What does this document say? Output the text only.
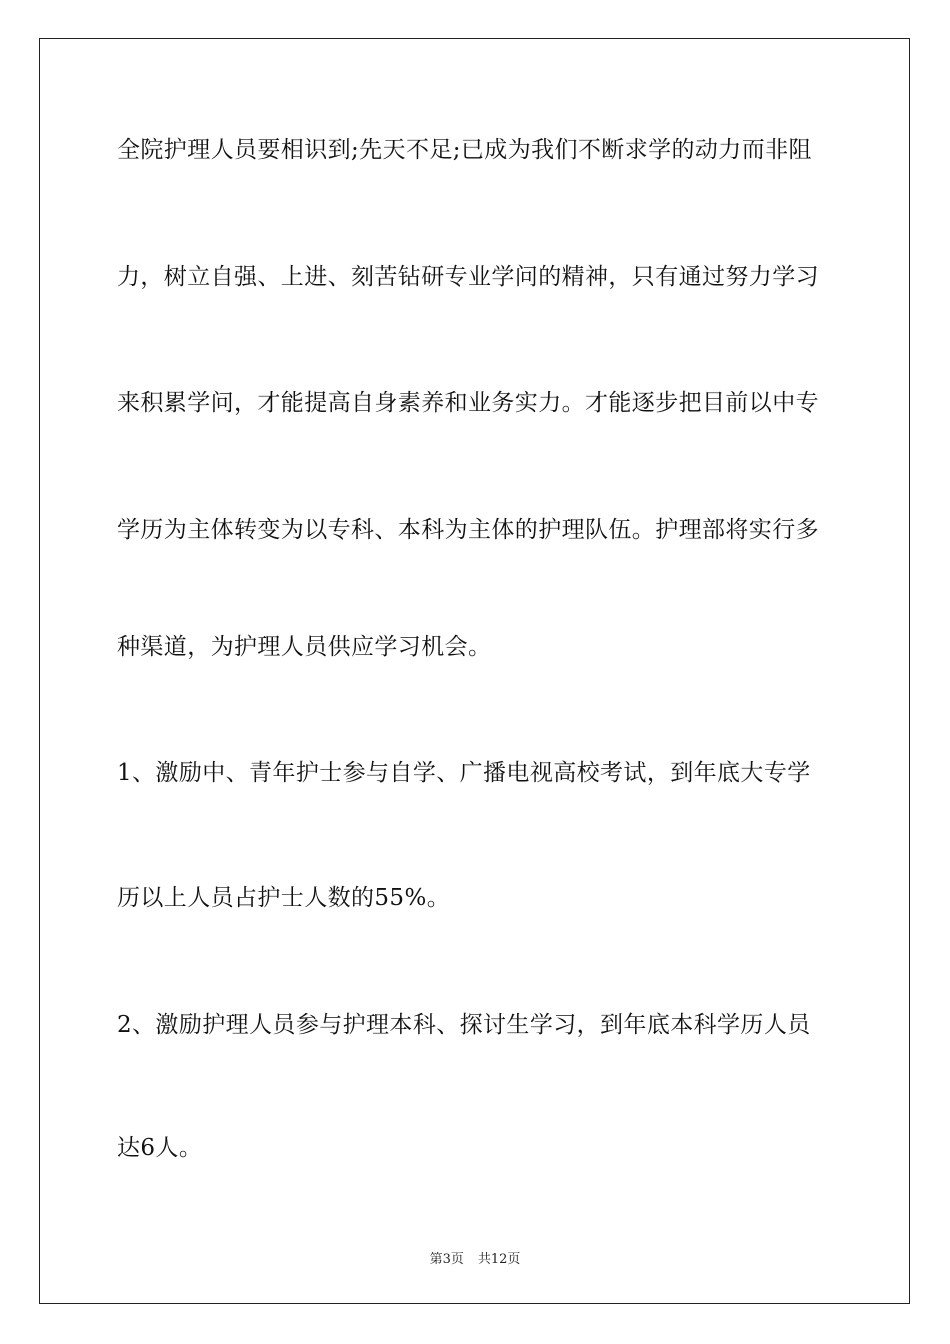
全院护理人员要相识到;先天不足;已成为我们不断求学的动力而非阻

力，树立自强、上进、刻苦钻研专业学问的精神，只有通过努力学习

来积累学问，才能提高自身素养和业务实力。才能逐步把目前以中专

学历为主体转变为以专科、本科为主体的护理队伍。护理部将实行多

种渠道，为护理人员供应学习机会。

1、激励中、青年护士参与自学、广播电视高校考试，到年底大专学

历以上人员占护士人数的55%。

2、激励护理人员参与护理本科、探讨生学习，到年底本科学历人员

达6人。

第3页 共12页
